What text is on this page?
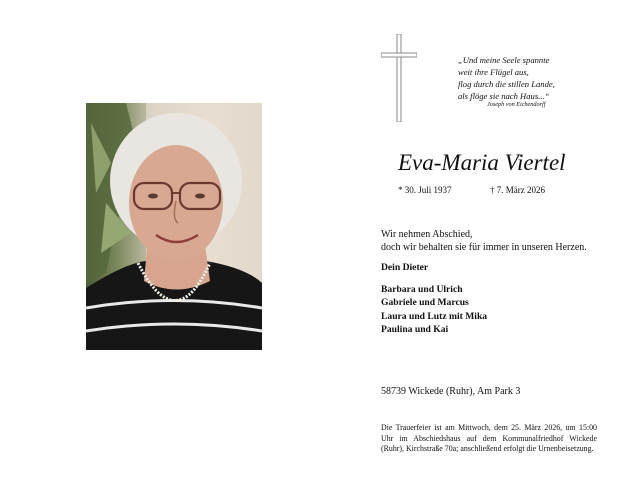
„Und meine Seele spannte
weit ihre Flügel aus,
flog durch die stillen Lande,
als flöge sie nach Haus...“
Joseph von Eichendorff
Eva-Maria Viertel
* 30. Juli 1937	† 7. März 2026
Wir nehmen Abschied,
doch wir behalten sie für immer in unseren Herzen.
Dein Dieter
Barbara und Ulrich
Gabriele und Marcus
Laura und Lutz mit Mika
Paulina und Kai
58739 Wickede (Ruhr), Am Park 3
Die Trauerfeier ist am Mittwoch, dem 25. März 2026, um 15:00 Uhr im Abschiedshaus auf dem Kommunalfriedhof Wickede (Ruhr), Kirchstraße 70a; anschließend erfolgt die Urnenbeisetzung.
